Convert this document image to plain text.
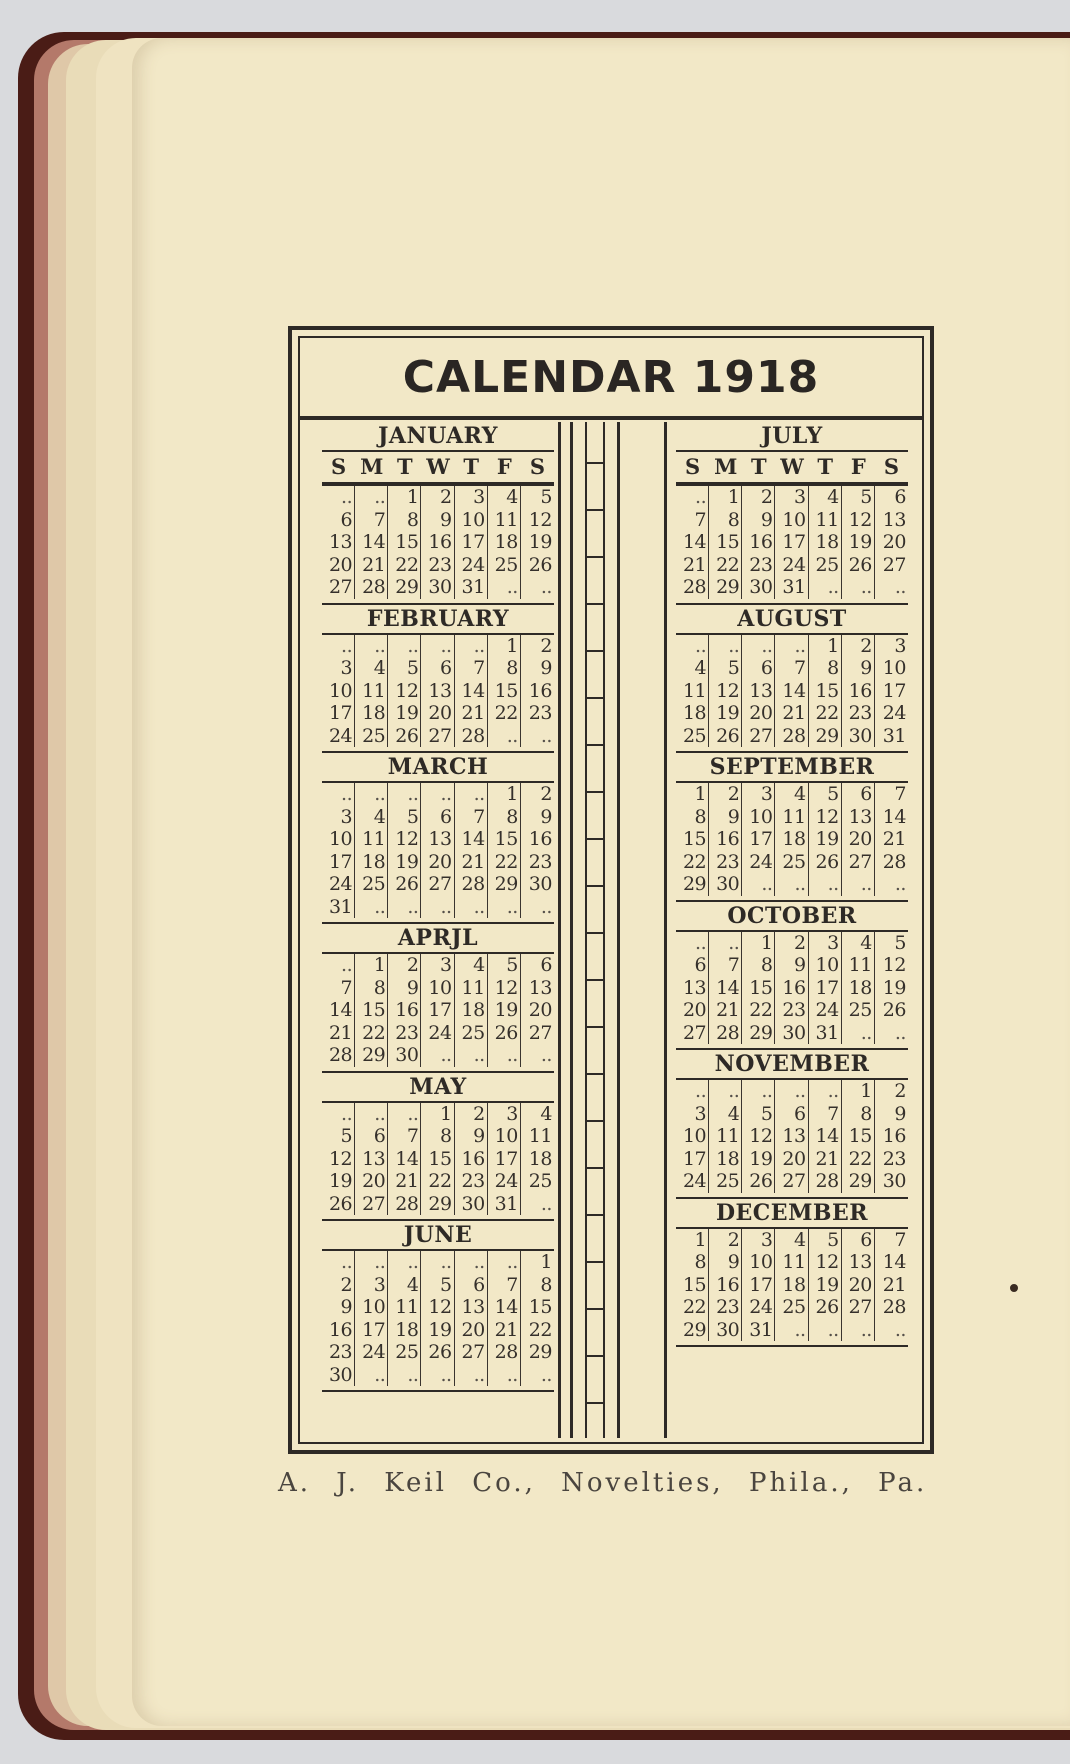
CALENDAR 1918
JANUARY
S M T W T F S
..	..	1	2	3	4	5
6	7	8	9 10 11 12
13 14 15 16 17 18 19
20 21 22 23 24 25 26
27 28 29 30 31	..	..
FEBRUARY
..	..	..	..	..	1	2
3	4	5	6	7	8	9
10 11 12 13 14 15 16
17 18 19 20 21 22 23
24 25 26 27 28	..	..
MARCH
..	..	..	..	..	1	2
3	4	5	6	7	8	9
10 11 12 13 14 15 16
17 18 19 20 21 22 23
24 25 26 27 28 29 30
31	..	..	..	..	..	..
APRJL
..	1	2	3	4	5	6
7	8	9 10 11 12 13
14 15 16 17 18 19 20
21 22 23 24 25 26 27
28 29 30	..	..	..	..
MAY
..	..	..	1	2	3	4
5	6	7	8	9 10 11
12 13 14 15 16 17 18
19 20 21 22 23 24 25
26 27 28 29 30 31	..
JUNE
..	..	..	..	..	..	1
2	3	4	5	6	7	8
9 10 11 12 13 14 15
16 17 18 19 20 21 22
23 24 25 26 27 28 29
30	..	..	..	..	..	..
JULY
S M T W T F S
..	1	2	3	4	5	6
7	8	9 10 11 12 13
14 15 16 17 18 19 20
21 22 23 24 25 26 27
28 29 30 31	..	..	..
AUGUST
..	..	..	..	1	2	3
4	5	6	7	8	9 10
11 12 13 14 15 16 17
18 19 20 21 22 23 24
25 26 27 28 29 30 31
SEPTEMBER
1	2	3	4	5	6	7
8	9 10 11 12 13 14
15 16 17 18 19 20 21
22 23 24 25 26 27 28
29 30	..	..	..	..	..
OCTOBER
..	..	1	2	3	4	5
6	7	8	9 10 11 12
13 14 15 16 17 18 19
20 21 22 23 24 25 26
27 28 29 30 31	..	..
NOVEMBER
..	..	..	..	..	1	2
3	4	5	6	7	8	9
10 11 12 13 14 15 16
17 18 19 20 21 22 23
24 25 26 27 28 29 30
DECEMBER
1	2	3	4	5	6	7
8	9 10 11 12 13 14
15 16 17 18 19 20 21
22 23 24 25 26 27 28
29 30 31	..	..	..	..
A. J. Keil Co., Novelties, Phila., Pa.
